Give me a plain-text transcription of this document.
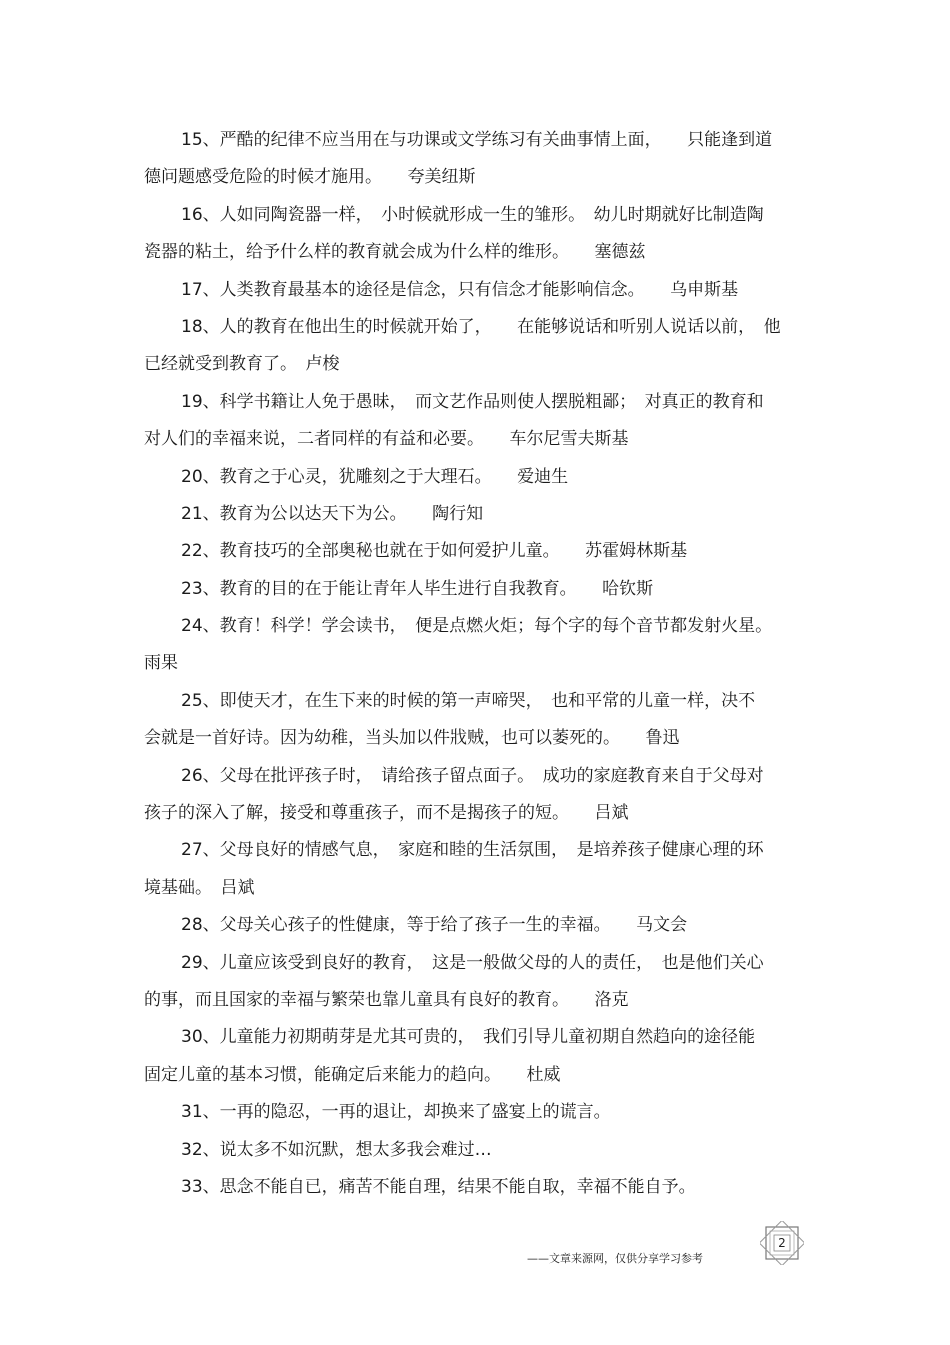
15、严酷的纪律不应当用在与功课或文学练习有关曲事情上面，　　只能逢到道
德问题感受危险的时候才施用。　　夸美纽斯
16、人如同陶瓷器一样，　小时候就形成一生的雏形。　幼儿时期就好比制造陶
瓷器的粘土，给予什么样的教育就会成为什么样的维形。　　塞德兹
17、人类教育最基本的途径是信念，只有信念才能影响信念。　　乌申斯基
18、人的教育在他出生的时候就开始了，　　在能够说话和听别人说话以前，　他
已经就受到教育了。　卢梭
19、科学书籍让人免于愚昧，　而文艺作品则使人摆脱粗鄙；　对真正的教育和
对人们的幸福来说，二者同样的有益和必要。　　车尔尼雪夫斯基
20、教育之于心灵，犹雕刻之于大理石。　　爱迪生
21、教育为公以达天下为公。　　陶行知
22、教育技巧的全部奥秘也就在于如何爱护儿童。　　苏霍姆林斯基
23、教育的目的在于能让青年人毕生进行自我教育。　　哈钦斯
24、教育！科学！学会读书，　便是点燃火炬；每个字的每个音节都发射火星。
雨果
25、即使天才，在生下来的时候的第一声啼哭，　也和平常的儿童一样，决不
会就是一首好诗。因为幼稚，当头加以件戕贼，也可以萎死的。　　鲁迅
26、父母在批评孩子时，　请给孩子留点面子。　成功的家庭教育来自于父母对
孩子的深入了解，接受和尊重孩子，而不是揭孩子的短。　　吕斌
27、父母良好的情感气息，　家庭和睦的生活氛围，　是培养孩子健康心理的环
境基础。　吕斌
28、父母关心孩子的性健康，等于给了孩子一生的幸福。　　马文会
29、儿童应该受到良好的教育，　这是一般做父母的人的责任，　也是他们关心
的事，而且国家的幸福与繁荣也靠儿童具有良好的教育。　　洛克
30、儿童能力初期萌芽是尤其可贵的，　我们引导儿童初期自然趋向的途径能
固定儿童的基本习惯，能确定后来能力的趋向。　　杜威
31、一再的隐忍，一再的退让，却换来了盛宴上的谎言。
32、说太多不如沉默，想太多我会难过…
33、思念不能自已，痛苦不能自理，结果不能自取，幸福不能自予。
——文章来源网，仅供分享学习参考
2
